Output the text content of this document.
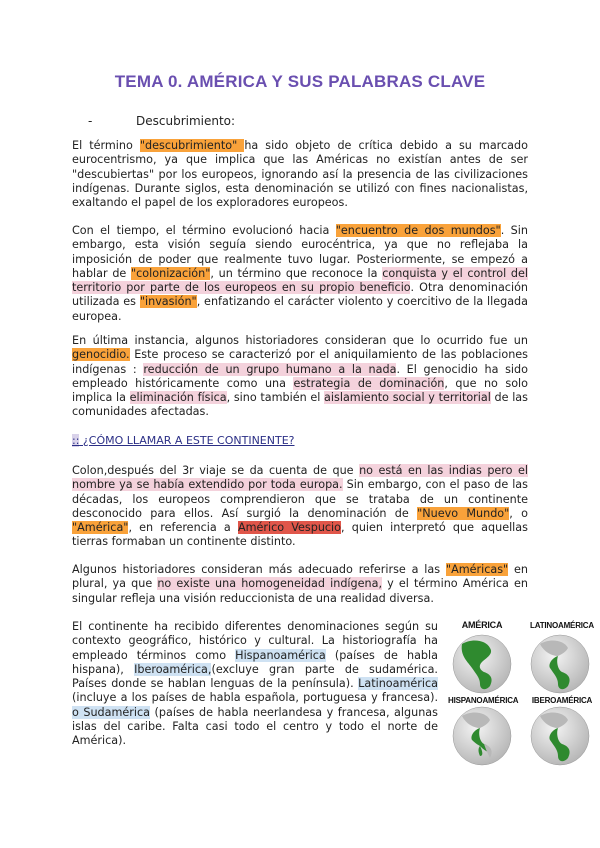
TEMA 0. AMÉRICA Y SUS PALABRAS CLAVE
-	Descubrimiento:

El término "descubrimiento" ha sido objeto de crítica debido a su marcado eurocentrismo, ya que implica que las Américas no existían antes de ser "descubiertas" por los europeos, ignorando así la presencia de las civilizaciones indígenas. Durante siglos, esta denominación se utilizó con fines nacionalistas, exaltando el papel de los exploradores europeos.

Con el tiempo, el término evolucionó hacia "encuentro de dos mundos". Sin embargo, esta visión seguía siendo eurocéntrica, ya que no reflejaba la imposición de poder que realmente tuvo lugar. Posteriormente, se empezó a hablar de "colonización", un término que reconoce la conquista y el control del territorio por parte de los europeos en su propio beneficio. Otra denominación utilizada es "invasión", enfatizando el carácter violento y coercitivo de la llegada europea.

En última instancia, algunos historiadores consideran que lo ocurrido fue un genocidio. Este proceso se caracterizó por el aniquilamiento de las poblaciones indígenas : reducción de un grupo humano a la nada. El genocidio ha sido empleado históricamente como una estrategia de dominación, que no solo implica la eliminación física, sino también el aislamiento social y territorial de las comunidades afectadas.

:: ¿CÓMO LLAMAR A ESTE CONTINENTE?

Colon,después del 3r viaje se da cuenta de que no está en las indias pero el nombre ya se había extendido por toda europa. Sin embargo, con el paso de las décadas, los europeos comprendieron que se trataba de un continente desconocido para ellos. Así surgió la denominación de "Nuevo Mundo", o "América", en referencia a Américo Vespucio, quien interpretó que aquellas tierras formaban un continente distinto.

Algunos historiadores consideran más adecuado referirse a las "Américas" en plural, ya que no existe una homogeneidad indígena, y el término América en singular refleja una visión reduccionista de una realidad diversa.

El continente ha recibido diferentes denominaciones según su contexto geográfico, histórico y cultural. La historiografía ha empleado términos como Hispanoamérica (países de habla hispana), Iberoamérica,(excluye gran parte de sudamérica. Países donde se hablan lenguas de la península). Latinoamérica (incluye a los países de habla española, portuguesa y francesa). o Sudamérica (países de habla neerlandesa y francesa, algunas islas del caribe. Falta casi todo el centro y todo el norte de América).

AMÉRICA	LATINOAMÉRICA
HISPANOAMÉRICA IBEROAMÉRICA
